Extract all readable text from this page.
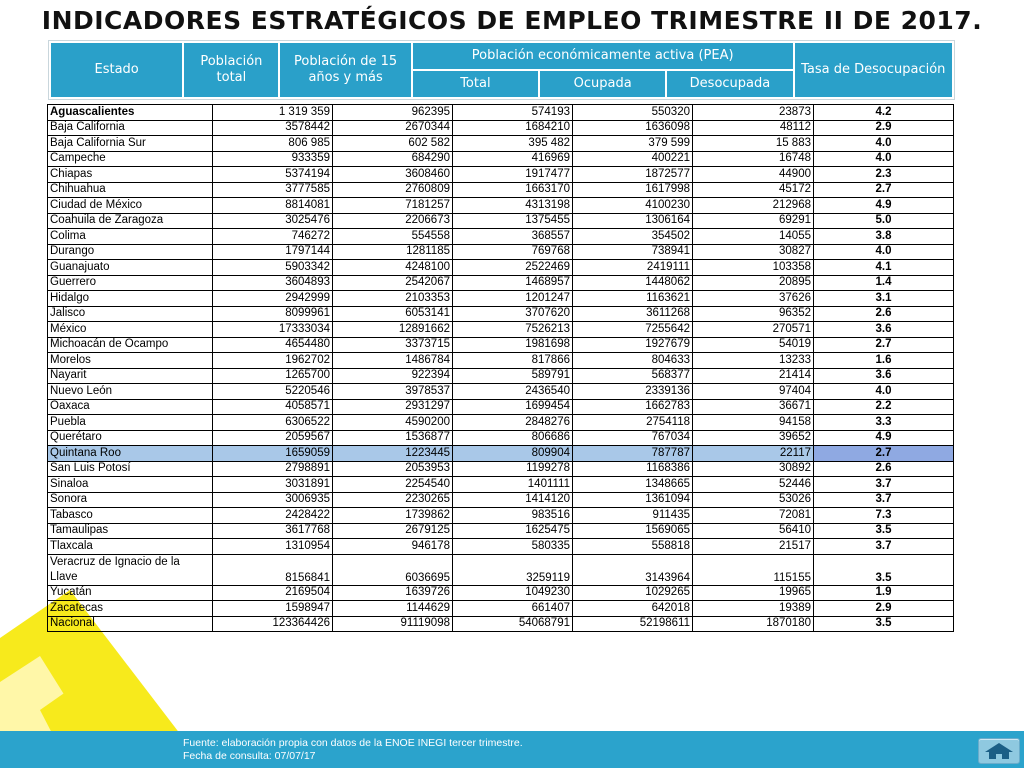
INDICADORES ESTRATÉGICOS DE EMPLEO TRIMESTRE II DE 2017.
Estado	Población total	Población de 15 años y más	Población económicamente activa (PEA)			Tasa de Desocupación
			Total	Ocupada	Desocupada	
Aguascalientes	1 319 359	962395	574193	550320	23873	4.2
Baja California	3578442	2670344	1684210	1636098	48112	2.9
Baja California Sur	806 985	602 582	395 482	379 599	15 883	4.0
Campeche	933359	684290	416969	400221	16748	4.0
Chiapas	5374194	3608460	1917477	1872577	44900	2.3
Chihuahua	3777585	2760809	1663170	1617998	45172	2.7
Ciudad de México	8814081	7181257	4313198	4100230	212968	4.9
Coahuila de Zaragoza	3025476	2206673	1375455	1306164	69291	5.0
Colima	746272	554558	368557	354502	14055	3.8
Durango	1797144	1281185	769768	738941	30827	4.0
Guanajuato	5903342	4248100	2522469	2419111	103358	4.1
Guerrero	3604893	2542067	1468957	1448062	20895	1.4
Hidalgo	2942999	2103353	1201247	1163621	37626	3.1
Jalisco	8099961	6053141	3707620	3611268	96352	2.6
México	17333034	12891662	7526213	7255642	270571	3.6
Michoacán de Ocampo	4654480	3373715	1981698	1927679	54019	2.7
Morelos	1962702	1486784	817866	804633	13233	1.6
Nayarit	1265700	922394	589791	568377	21414	3.6
Nuevo León	5220546	3978537	2436540	2339136	97404	4.0
Oaxaca	4058571	2931297	1699454	1662783	36671	2.2
Puebla	6306522	4590200	2848276	2754118	94158	3.3
Querétaro	2059567	1536877	806686	767034	39652	4.9
Quintana Roo	1659059	1223445	809904	787787	22117	2.7
San Luis Potosí	2798891	2053953	1199278	1168386	30892	2.6
Sinaloa	3031891	2254540	1401111	1348665	52446	3.7
Sonora	3006935	2230265	1414120	1361094	53026	3.7
Tabasco	2428422	1739862	983516	911435	72081	7.3
Tamaulipas	3617768	2679125	1625475	1569065	56410	3.5
Tlaxcala	1310954	946178	580335	558818	21517	3.7
Veracruz de Ignacio de la Llave	8156841	6036695	3259119	3143964	115155	3.5
Yucatán	2169504	1639726	1049230	1029265	19965	1.9
Zacatecas	1598947	1144629	661407	642018	19389	2.9
Nacional	123364426	91119098	54068791	52198611	1870180	3.5
Fuente: elaboración propia con datos de la ENOE INEGI tercer trimestre.
Fecha de consulta: 07/07/17
